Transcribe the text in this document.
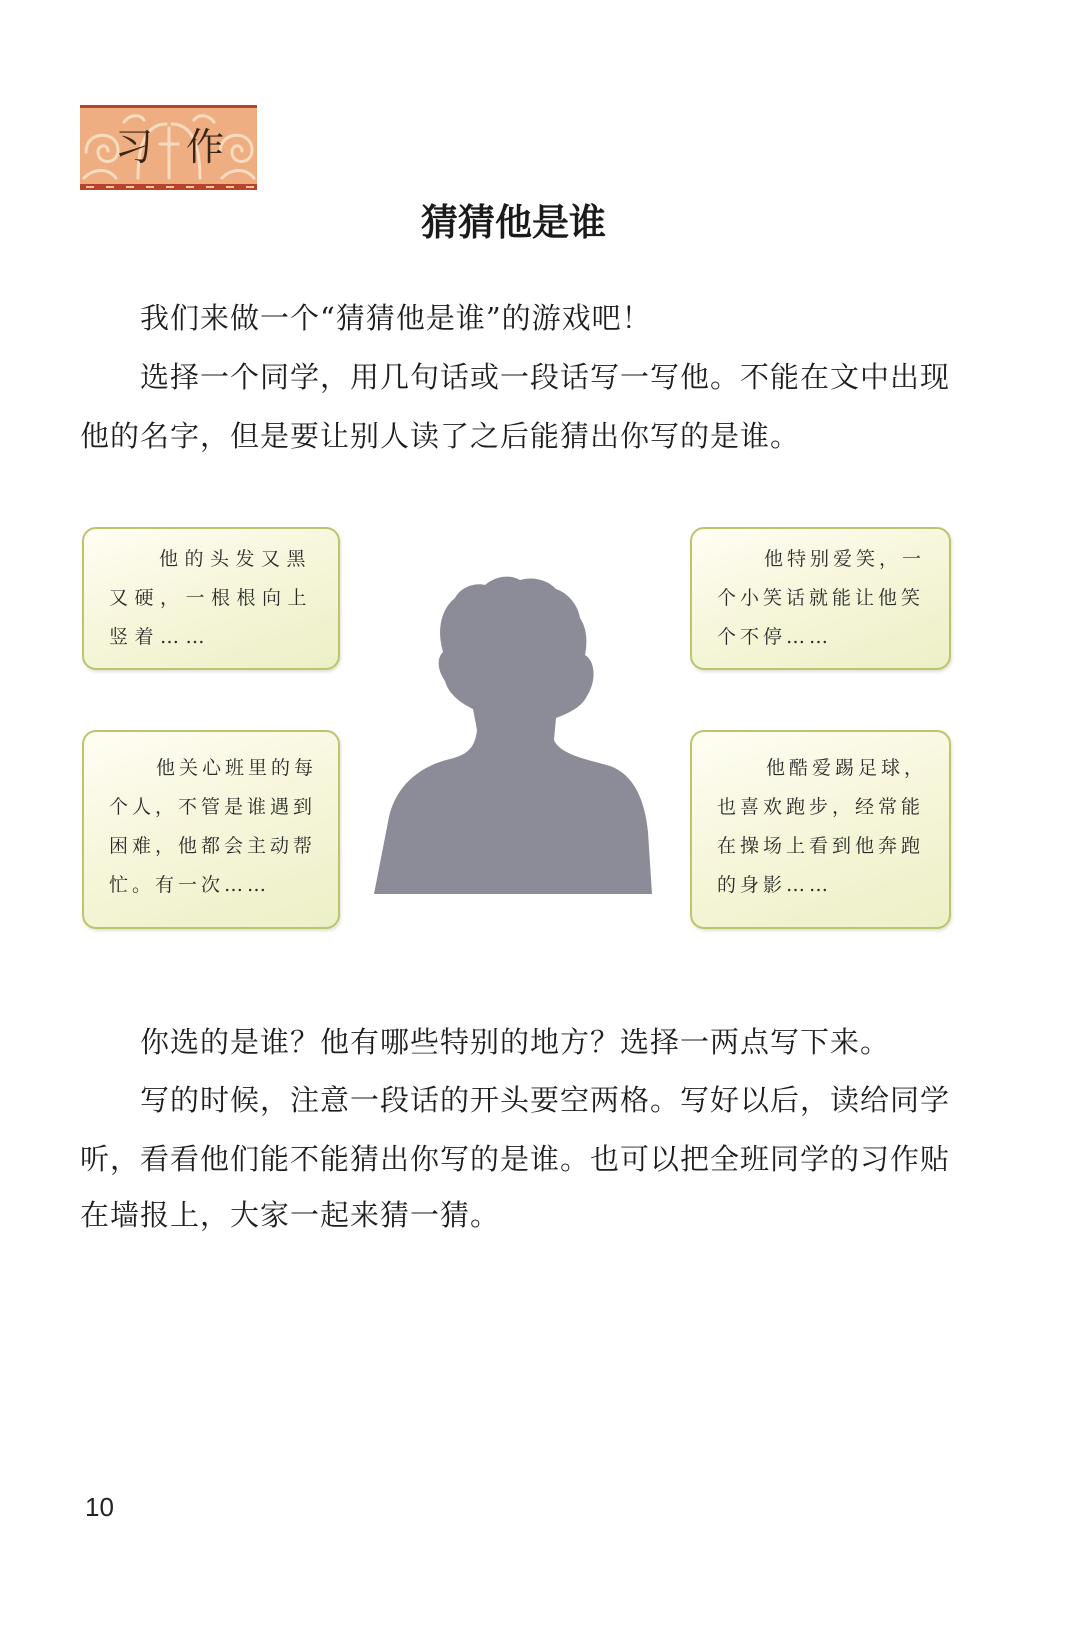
习作
猜猜他是谁
我们来做一个“猜猜他是谁”的游戏吧！
选择一个同学，用几句话或一段话写一写他。不能在文中出现
他的名字，但是要让别人读了之后能猜出你写的是谁。
他的头发又黑
又硬，一根根向上
竖着……
他特别爱笑，一
个小笑话就能让他笑
个不停……
他关心班里的每
个人，不管是谁遇到
困难，他都会主动帮
忙。有一次……
他酷爱踢足球，
也喜欢跑步，经常能
在操场上看到他奔跑
的身影……
你选的是谁？他有哪些特别的地方？选择一两点写下来。
写的时候，注意一段话的开头要空两格。写好以后，读给同学
听，看看他们能不能猜出你写的是谁。也可以把全班同学的习作贴
在墙报上，大家一起来猜一猜。
10
